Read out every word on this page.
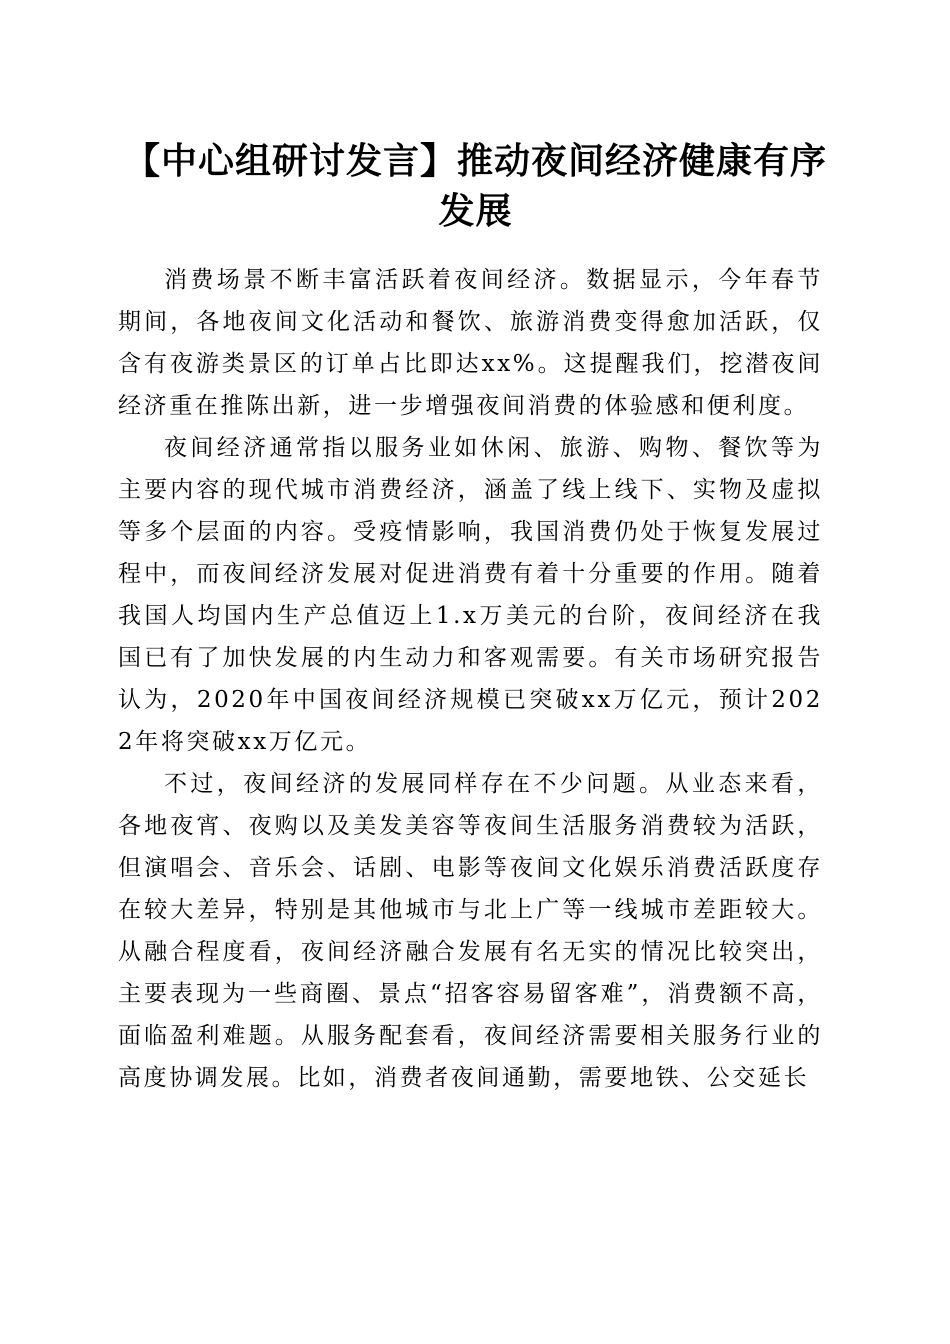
【中心组研讨发言】推动夜间经济健康有序发展

消费场景不断丰富活跃着夜间经济。数据显示，今年春节期间，各地夜间文化活动和餐饮、旅游消费变得愈加活跃，仅含有夜游类景区的订单占比即达xx%。这提醒我们，挖潜夜间经济重在推陈出新，进一步增强夜间消费的体验感和便利度。

夜间经济通常指以服务业如休闲、旅游、购物、餐饮等为主要内容的现代城市消费经济，涵盖了线上线下、实物及虚拟等多个层面的内容。受疫情影响，我国消费仍处于恢复发展过程中，而夜间经济发展对促进消费有着十分重要的作用。随着我国人均国内生产总值迈上1.x万美元的台阶，夜间经济在我国已有了加快发展的内生动力和客观需要。有关市场研究报告认为，2020年中国夜间经济规模已突破xx万亿元，预计2022年将突破xx万亿元。

不过，夜间经济的发展同样存在不少问题。从业态来看，各地夜宵、夜购以及美发美容等夜间生活服务消费较为活跃，但演唱会、音乐会、话剧、电影等夜间文化娱乐消费活跃度存在较大差异，特别是其他城市与北上广等一线城市差距较大。从融合程度看，夜间经济融合发展有名无实的情况比较突出，主要表现为一些商圈、景点“招客容易留客难”，消费额不高，面临盈利难题。从服务配套看，夜间经济需要相关服务行业的高度协调发展。比如，消费者夜间通勤，需要地铁、公交延长
